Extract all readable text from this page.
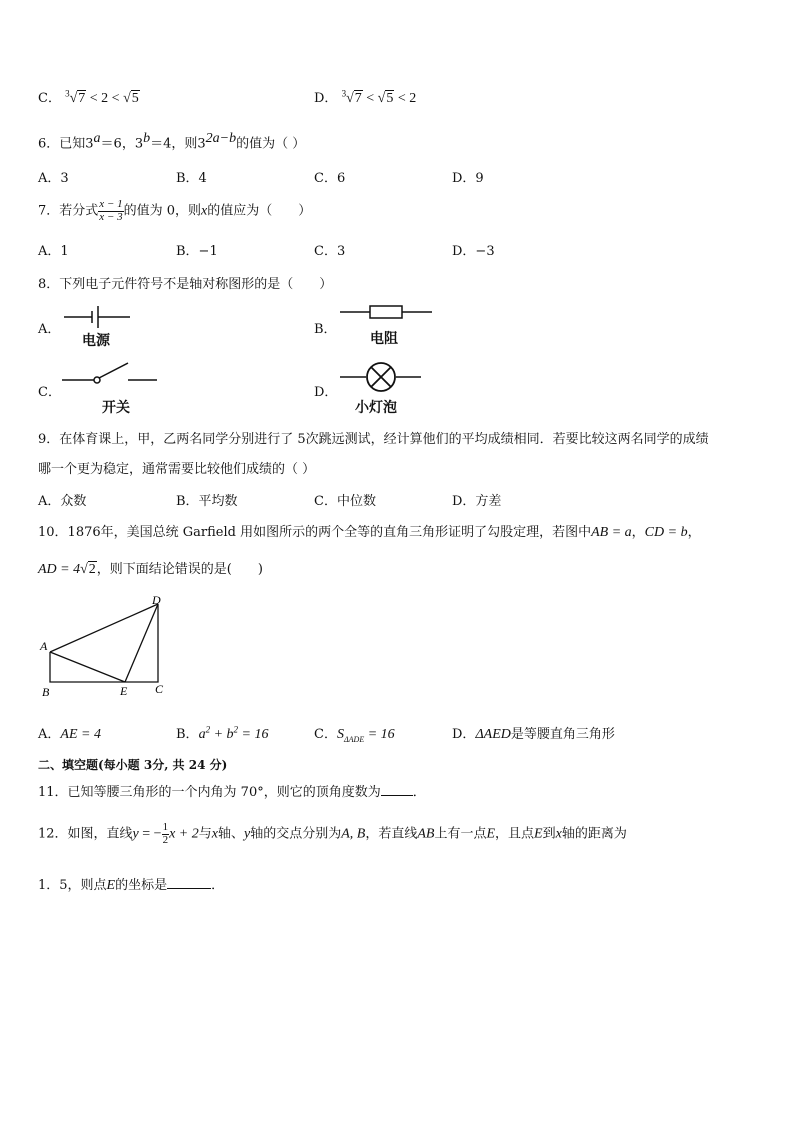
C． $^3$√7 < 2 < √5	D． $^3$√7 < √5 < 2
6．已知$3^a=6$，$3^b=4$，则$3^{2a-b}$的值为（ ）
A．3	B．4	C．6	D．9
7．若分式 $\frac{x - 1}{x - 3}$ 的值为 0，则x的值应为（　　）
A．1	B．−1	C．3	D．−3
8．下列电子元件符号不是轴对称图形的是（　　）
A．
电源
B．
电阻
C．
开关
D．
小灯泡
9．在体育课上，甲，乙两名同学分别进行了 5次跳远测试，经计算他们的平均成绩相同．若要比较这两名同学的成绩
哪一个更为稳定，通常需要比较他们成绩的（ ）
A．众数	B．平均数	C．中位数	D．方差
10．1876年，美国总统 Garfield 用如图所示的两个全等的直角三角形证明了勾股定理，若图中AB = a，CD = b，
AD = 4√2，则下面结论错误的是(　　)
A
B	E C
D
A．AE = 4	B．$a^2 + b^2 = 16$	C．$S_{\Delta ADE} = 16$	D．ΔAED是等腰直角三角形
二、填空题(每小题 3分, 共 24 分)
11．已知等腰三角形的一个内角为 70°，则它的顶角度数为 ．
12．如图，直线y = − $\frac{1}{2}$ x + 2与x轴、y轴的交点分别为A, B，若直线AB上有一点E，且点E到x轴的距离为
1．5，则点E的坐标是	．
